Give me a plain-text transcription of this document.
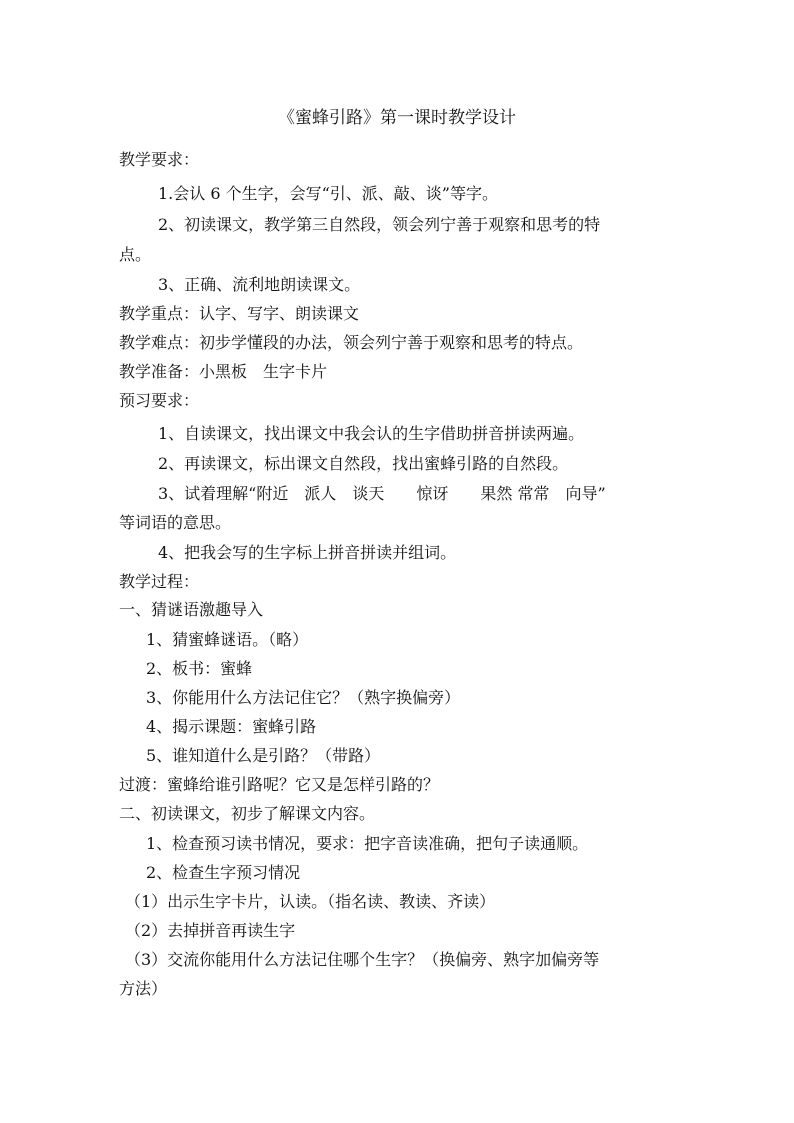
《蜜蜂引路》第一课时教学设计
教学要求：
1.会认 6 个生字，会写“引、派、敲、谈”等字。
2、初读课文，教学第三自然段，领会列宁善于观察和思考的特
点。
3、正确、流利地朗读课文。
教学重点：认字、写字、朗读课文
教学难点：初步学懂段的办法，领会列宁善于观察和思考的特点。
教学准备：小黑板　生字卡片
预习要求：
1、自读课文，找出课文中我会认的生字借助拼音拼读两遍。
2、再读课文，标出课文自然段，找出蜜蜂引路的自然段。
3、试着理解“附近　派人　谈天　　惊讶　　果然 常常　向导”
等词语的意思。
4、把我会写的生字标上拼音拼读并组词。
教学过程：
一、猜谜语激趣导入
1、猜蜜蜂谜语。（略）
2、板书：蜜蜂
3、你能用什么方法记住它？（熟字换偏旁）
4、揭示课题：蜜蜂引路
5、谁知道什么是引路？（带路）
过渡：蜜蜂给谁引路呢？它又是怎样引路的？
二、初读课文，初步了解课文内容。
1、检查预习读书情况，要求：把字音读准确，把句子读通顺。
2、检查生字预习情况
（1）出示生字卡片，认读。（指名读、教读、齐读）
（2）去掉拼音再读生字
（3）交流你能用什么方法记住哪个生字？（换偏旁、熟字加偏旁等
方法）
